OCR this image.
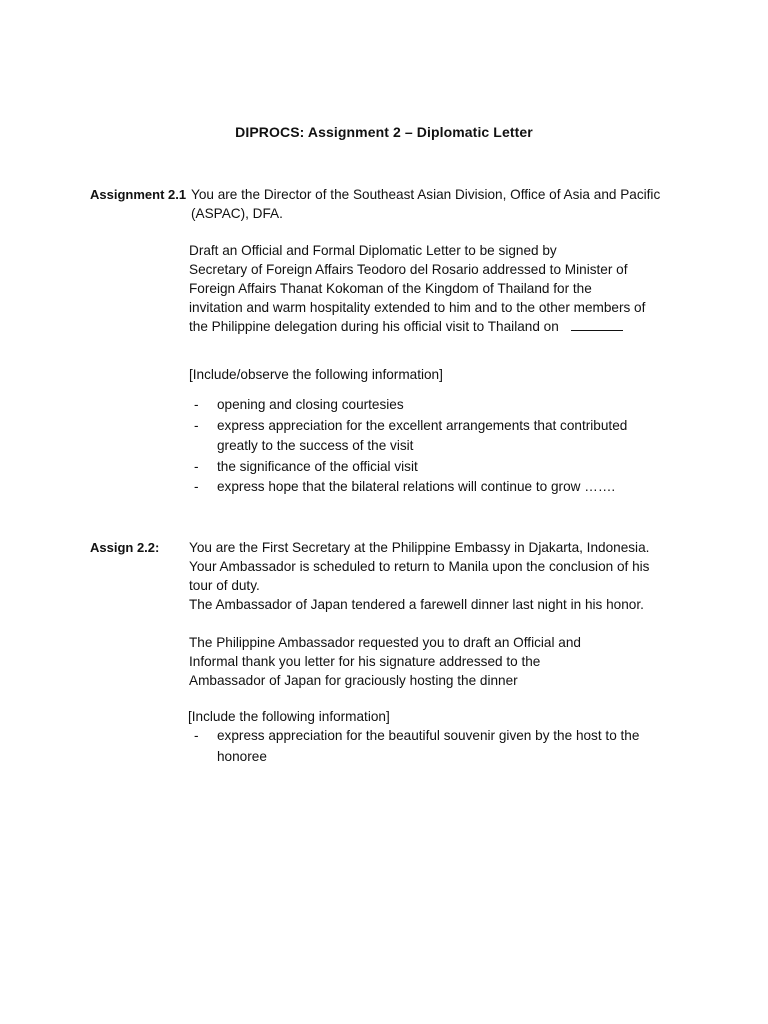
DIPROCS: Assignment 2 – Diplomatic Letter
Assignment 2.1 You are the Director of the Southeast Asian Division, Office of Asia and Pacific
(ASPAC), DFA.
Draft an Official and Formal Diplomatic Letter to be signed by
Secretary of Foreign Affairs Teodoro del Rosario addressed to Minister of
Foreign Affairs Thanat Kokoman of the Kingdom of Thailand for the
invitation and warm hospitality extended to him and to the other members of
the Philippine delegation during his official visit to Thailand on
[Include/observe the following information]
- opening and closing courtesies
- express appreciation for the excellent arrangements that contributed
greatly to the success of the visit
- the significance of the official visit
- express hope that the bilateral relations will continue to grow …….
Assign 2.2: You are the First Secretary at the Philippine Embassy in Djakarta, Indonesia.
Your Ambassador is scheduled to return to Manila upon the conclusion of his
tour of duty.
The Ambassador of Japan tendered a farewell dinner last night in his honor.
The Philippine Ambassador requested you to draft an Official and
Informal thank you letter for his signature addressed to the
Ambassador of Japan for graciously hosting the dinner
[Include the following information]
- express appreciation for the beautiful souvenir given by the host to the
honoree
